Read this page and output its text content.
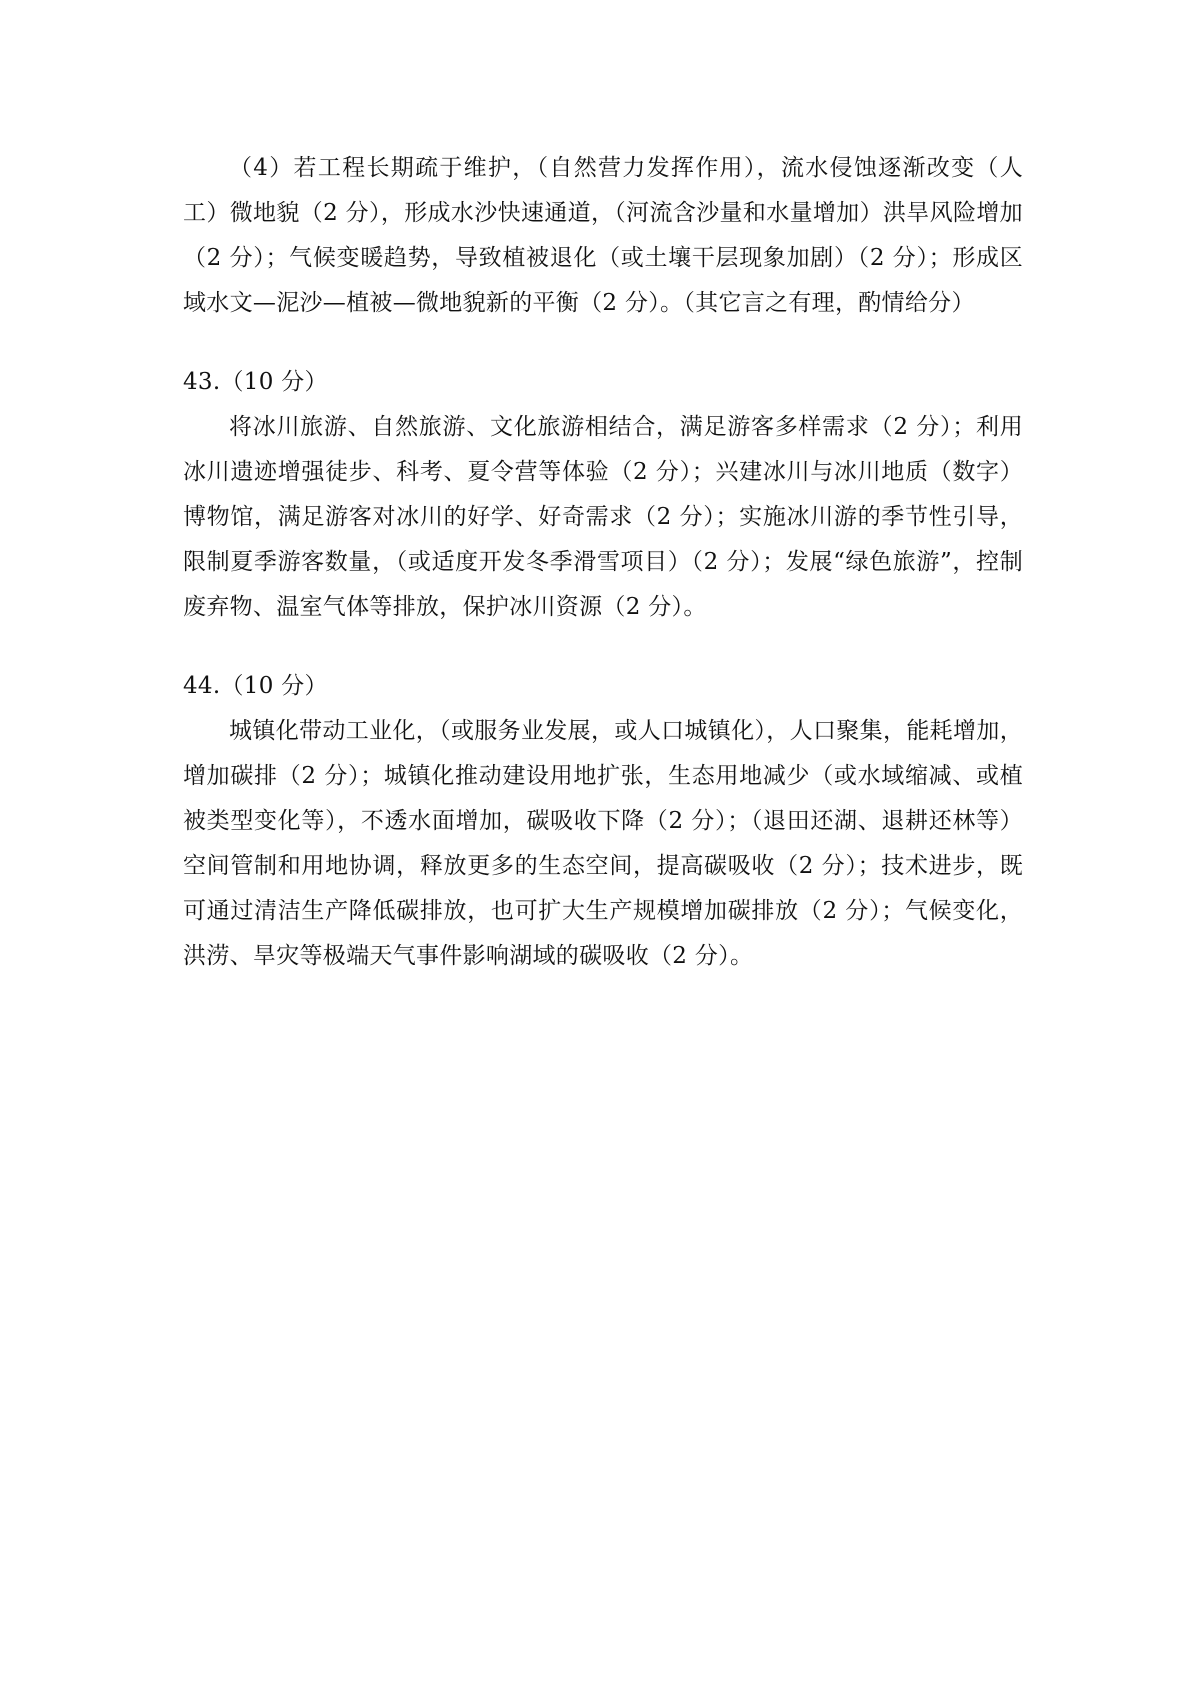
（4）若工程长期疏于维护，（自然营力发挥作用），流水侵蚀逐渐改变（人工）微地貌（2 分），形成水沙快速通道，（河流含沙量和水量增加）洪旱风险增加（2 分）；气候变暖趋势，导致植被退化（或土壤干层现象加剧）（2 分）；形成区域水文—泥沙—植被—微地貌新的平衡（2 分）。（其它言之有理，酌情给分）

43.（10 分）

将冰川旅游、自然旅游、文化旅游相结合，满足游客多样需求（2 分）；利用冰川遗迹增强徒步、科考、夏令营等体验（2 分）；兴建冰川与冰川地质（数字）博物馆，满足游客对冰川的好学、好奇需求（2 分）；实施冰川游的季节性引导，限制夏季游客数量，（或适度开发冬季滑雪项目）（2 分）；发展“绿色旅游”，控制废弃物、温室气体等排放，保护冰川资源（2 分）。

44.（10 分）

城镇化带动工业化，（或服务业发展，或人口城镇化），人口聚集，能耗增加，增加碳排（2 分）；城镇化推动建设用地扩张，生态用地减少（或水域缩减、或植被类型变化等），不透水面增加，碳吸收下降（2 分）；（退田还湖、退耕还林等）空间管制和用地协调，释放更多的生态空间，提高碳吸收（2 分）；技术进步，既可通过清洁生产降低碳排放，也可扩大生产规模增加碳排放（2 分）；气候变化，洪涝、旱灾等极端天气事件影响湖域的碳吸收（2 分）。
